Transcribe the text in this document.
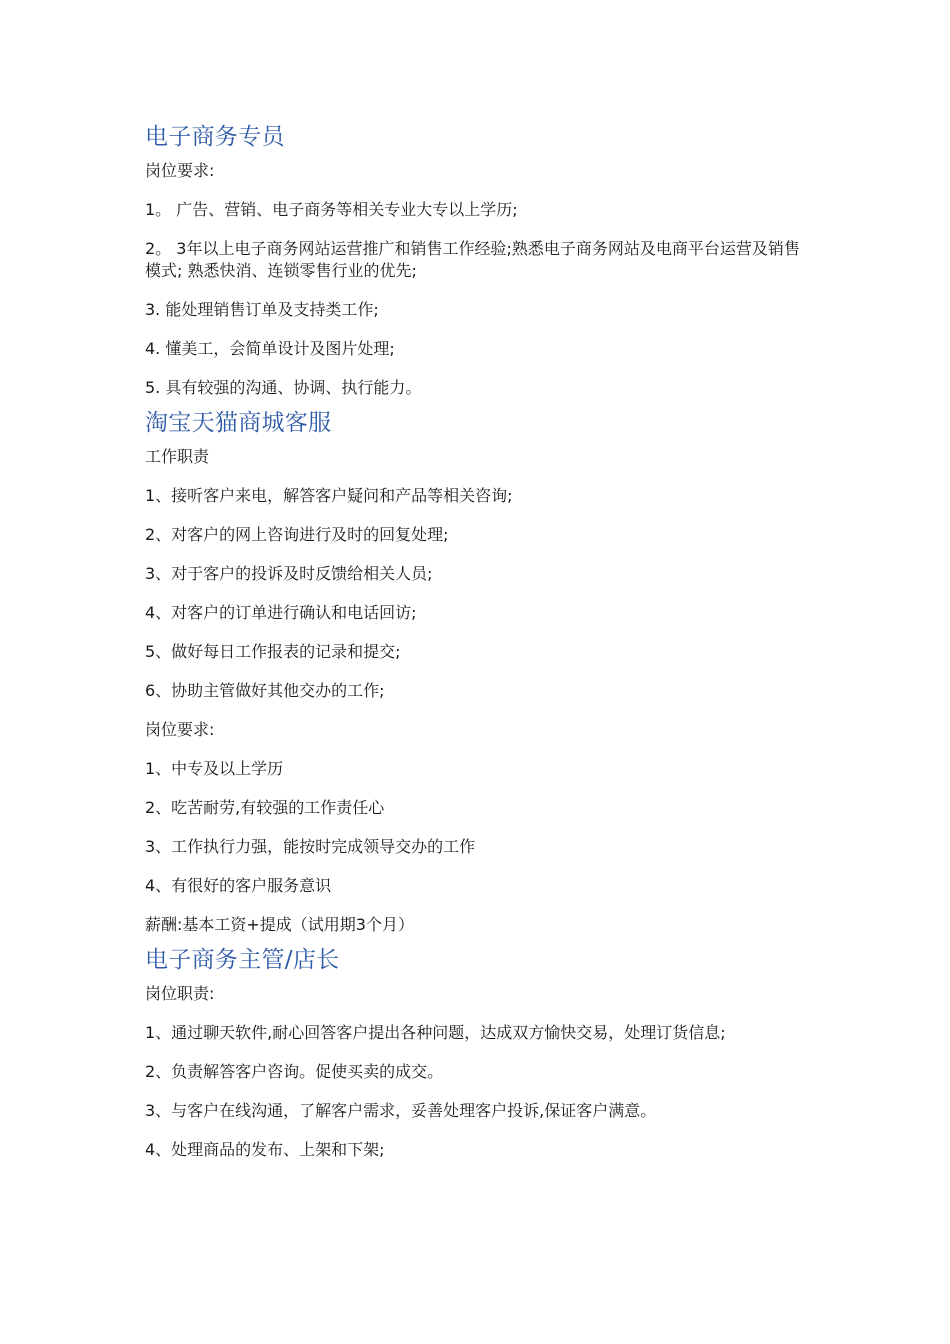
电子商务专员

岗位要求:

1。 广告、营销、电子商务等相关专业大专以上学历;

2。 3年以上电子商务网站运营推广和销售工作经验;熟悉电子商务网站及电商平台运营及销售模式; 熟悉快消、连锁零售行业的优先;

3. 能处理销售订单及支持类工作;

4. 懂美工，会简单设计及图片处理;

5. 具有较强的沟通、协调、执行能力。

淘宝天猫商城客服

工作职责

1、接听客户来电，解答客户疑问和产品等相关咨询;

2、对客户的网上咨询进行及时的回复处理;

3、对于客户的投诉及时反馈给相关人员;

4、对客户的订单进行确认和电话回访;

5、做好每日工作报表的记录和提交;

6、协助主管做好其他交办的工作;

岗位要求:

1、中专及以上学历

2、吃苦耐劳,有较强的工作责任心

3、工作执行力强，能按时完成领导交办的工作

4、有很好的客户服务意识

薪酬:基本工资+提成（试用期3个月）

电子商务主管/店长

岗位职责:

1、通过聊天软件,耐心回答客户提出各种问题，达成双方愉快交易，处理订货信息;

2、负责解答客户咨询。促使买卖的成交。

3、与客户在线沟通，了解客户需求，妥善处理客户投诉,保证客户满意。

4、处理商品的发布、上架和下架;
